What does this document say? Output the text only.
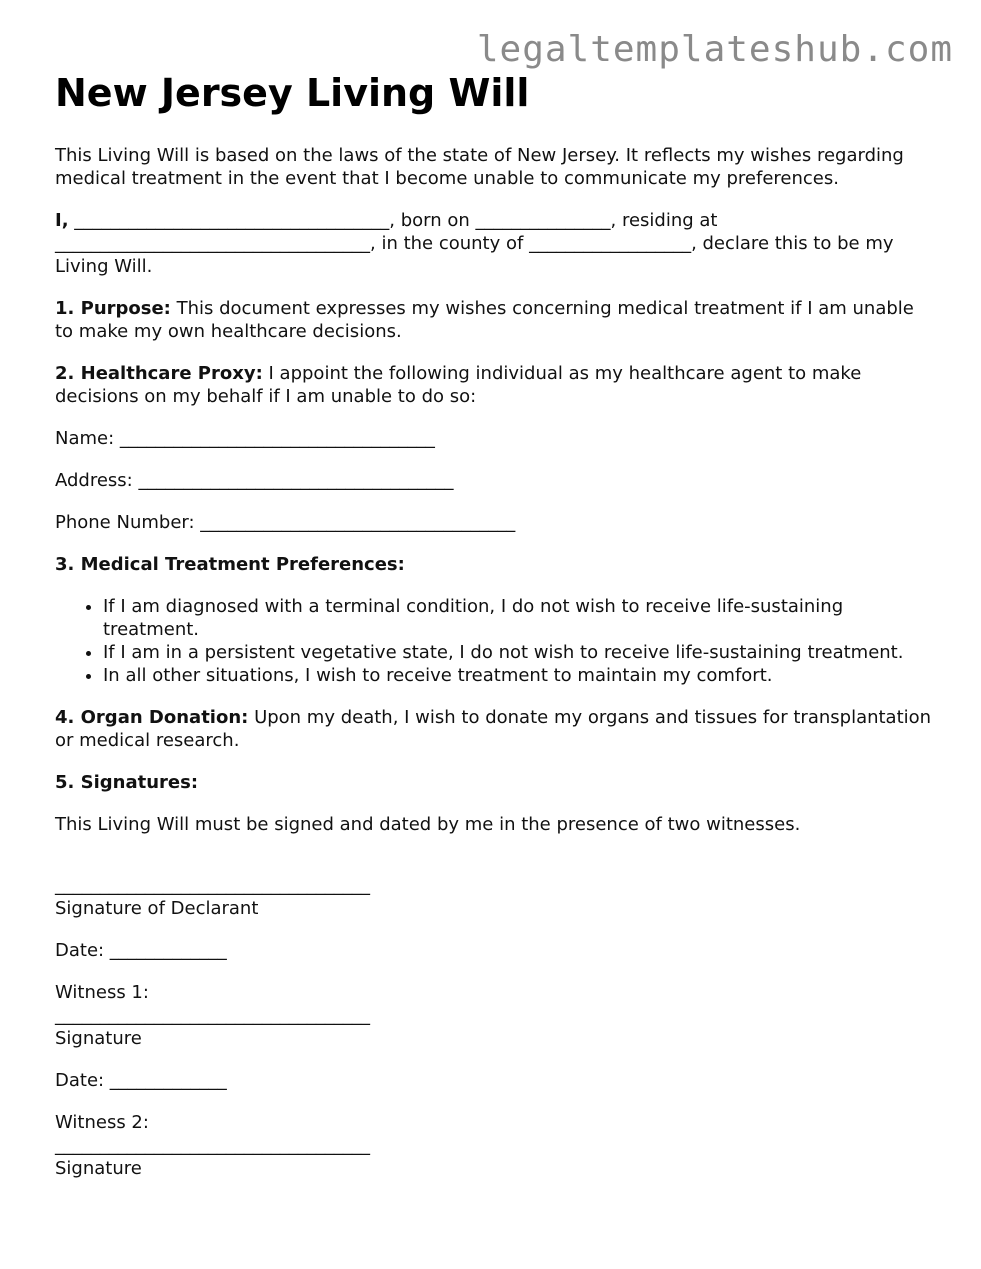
legaltemplateshub.com
New Jersey Living Will

This Living Will is based on the laws of the state of New Jersey. It reflects my wishes regarding medical treatment in the event that I become unable to communicate my preferences.

I, ___________________________________, born on _______________, residing at ___________________________________, in the county of __________________, declare this to be my Living Will.

1. Purpose: This document expresses my wishes concerning medical treatment if I am unable to make my own healthcare decisions.

2. Healthcare Proxy: I appoint the following individual as my healthcare agent to make decisions on my behalf if I am unable to do so:

Name: ___________________________________

Address: ___________________________________

Phone Number: ___________________________________

3. Medical Treatment Preferences:

• If I am diagnosed with a terminal condition, I do not wish to receive life-sustaining treatment.
• If I am in a persistent vegetative state, I do not wish to receive life-sustaining treatment.
• In all other situations, I wish to receive treatment to maintain my comfort.

4. Organ Donation: Upon my death, I wish to donate my organs and tissues for transplantation or medical research.

5. Signatures:

This Living Will must be signed and dated by me in the presence of two witnesses.

___________________________________
Signature of Declarant

Date: _____________

Witness 1:
___________________________________
Signature

Date: _____________

Witness 2:
___________________________________
Signature
